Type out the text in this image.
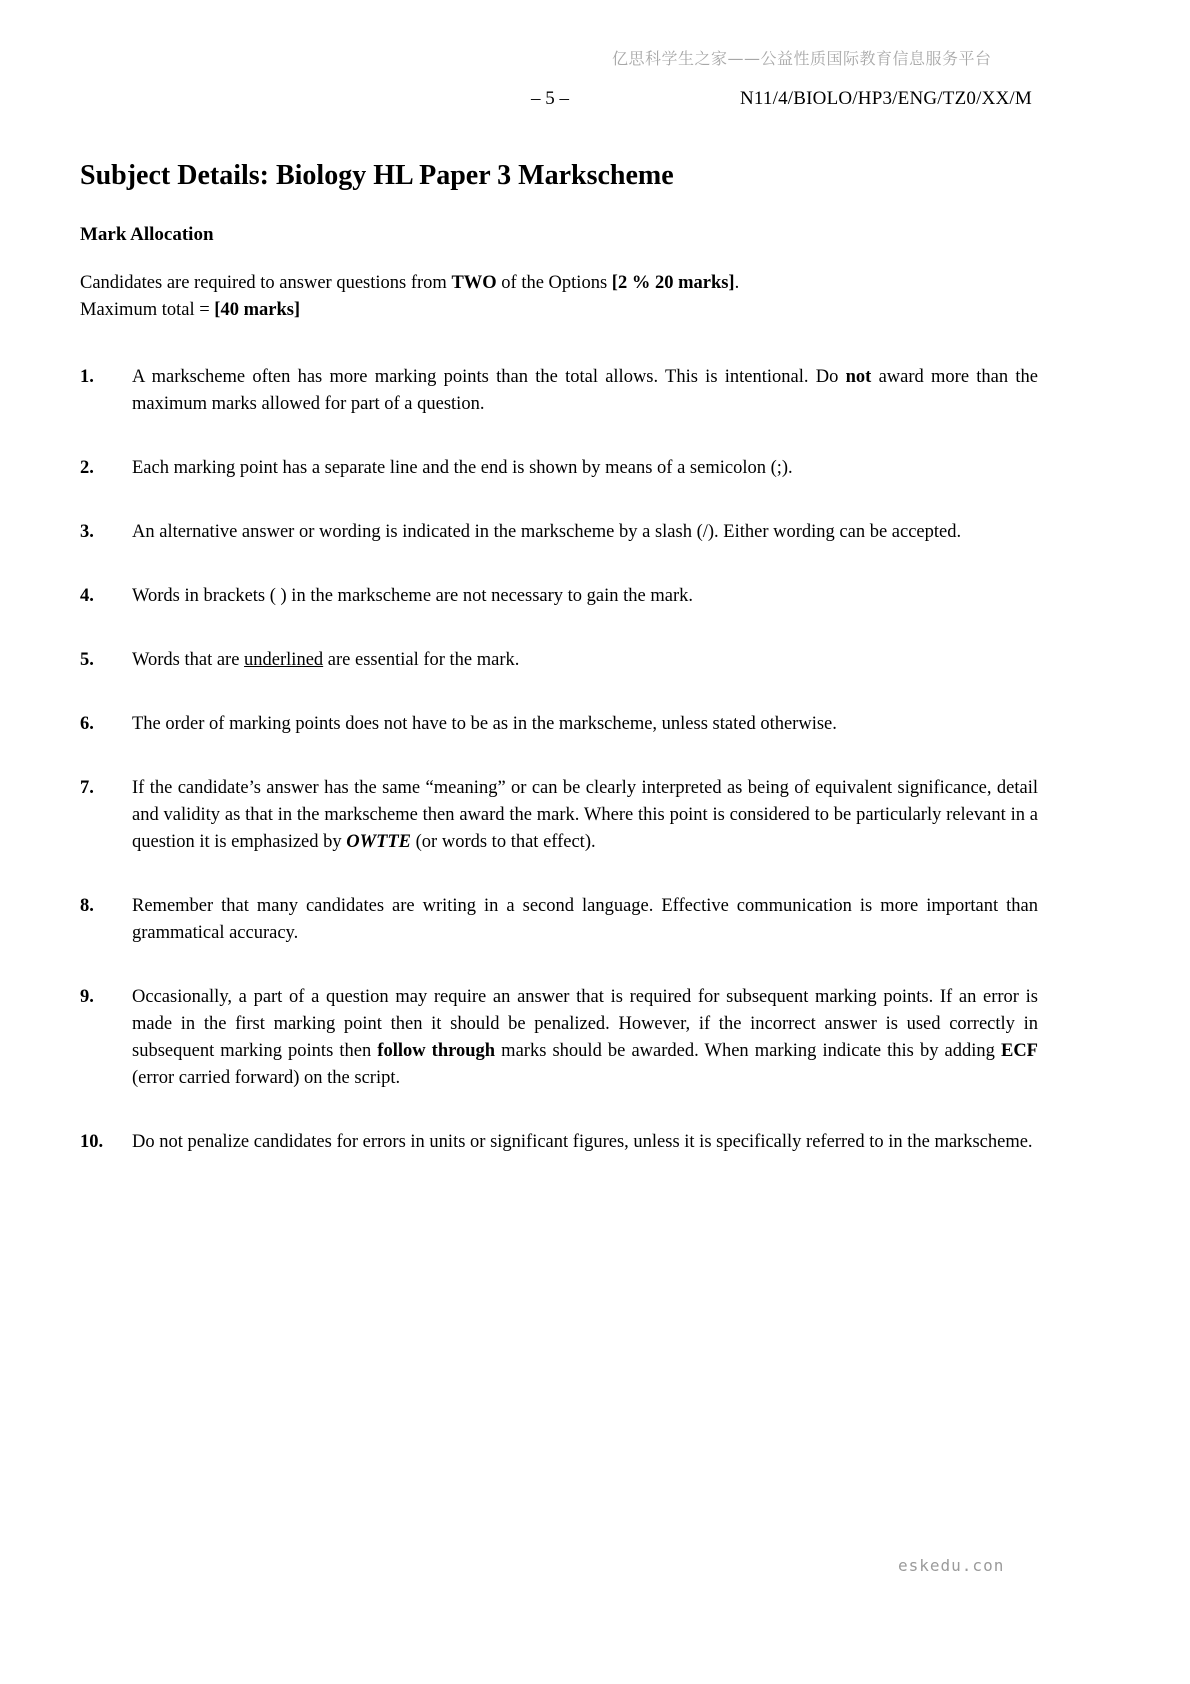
亿思科学生之家——公益性质国际教育信息服务平台
– 5 –	N11/4/BIOLO/HP3/ENG/TZ0/XX/M
Subject Details: Biology HL Paper 3 Markscheme
Mark Allocation
Candidates are required to answer questions from TWO of the Options [2 % 20 marks].
Maximum total = [40 marks]
1.	A markscheme often has more marking points than the total allows. This is intentional. Do not award more than the maximum marks allowed for part of a question.
2.	Each marking point has a separate line and the end is shown by means of a semicolon (;).
3.	An alternative answer or wording is indicated in the markscheme by a slash (/). Either wording can be accepted.
4.	Words in brackets ( ) in the markscheme are not necessary to gain the mark.
5.	Words that are underlined are essential for the mark.
6.	The order of marking points does not have to be as in the markscheme, unless stated otherwise.
7.	If the candidate’s answer has the same “meaning” or can be clearly interpreted as being of equivalent significance, detail and validity as that in the markscheme then award the mark. Where this point is considered to be particularly relevant in a question it is emphasized by OWTTE (or words to that effect).
8.	Remember that many candidates are writing in a second language. Effective communication is more important than grammatical accuracy.
9.	Occasionally, a part of a question may require an answer that is required for subsequent marking points. If an error is made in the first marking point then it should be penalized. However, if the incorrect answer is used correctly in subsequent marking points then follow through marks should be awarded. When marking indicate this by adding ECF (error carried forward) on the script.
10.	Do not penalize candidates for errors in units or significant figures, unless it is specifically referred to in the markscheme.
eskedu.con
